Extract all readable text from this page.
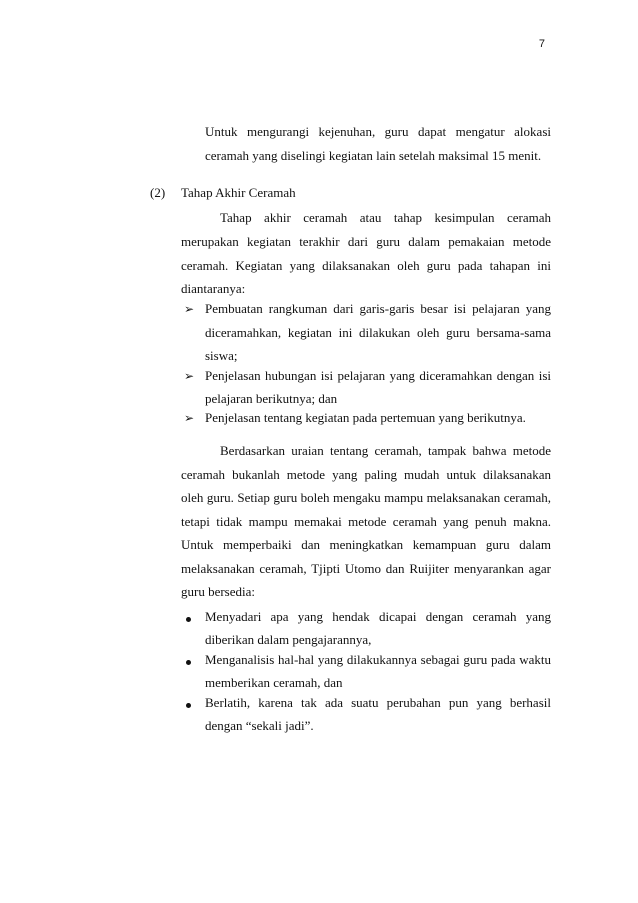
7
Untuk mengurangi kejenuhan, guru dapat mengatur alokasi
ceramah yang diselingi kegiatan lain setelah maksimal 15 menit.
(2) Tahap Akhir Ceramah
Tahap akhir ceramah atau tahap kesimpulan ceramah
merupakan kegiatan terakhir dari guru dalam pemakaian metode
ceramah. Kegiatan yang dilaksanakan oleh guru pada tahapan ini
diantaranya:
➢ Pembuatan rangkuman dari garis-garis besar isi pelajaran yang
diceramahkan, kegiatan ini dilakukan oleh guru bersama-sama
siswa;
➢ Penjelasan hubungan isi pelajaran yang diceramahkan dengan isi
pelajaran berikutnya; dan
➢ Penjelasan tentang kegiatan pada pertemuan yang berikutnya.
Berdasarkan uraian tentang ceramah, tampak bahwa metode
ceramah bukanlah metode yang paling mudah untuk dilaksanakan
oleh guru. Setiap guru boleh mengaku mampu melaksanakan ceramah,
tetapi tidak mampu memakai metode ceramah yang penuh makna.
Untuk memperbaiki dan meningkatkan kemampuan guru dalam
melaksanakan ceramah, Tjipti Utomo dan Ruijiter menyarankan agar
guru bersedia:
Menyadari apa yang hendak dicapai dengan ceramah yang
diberikan dalam pengajarannya,
Menganalisis hal-hal yang dilakukannya sebagai guru pada waktu
memberikan ceramah, dan
Berlatih, karena tak ada suatu perubahan pun yang berhasil
dengan “sekali jadi”.
